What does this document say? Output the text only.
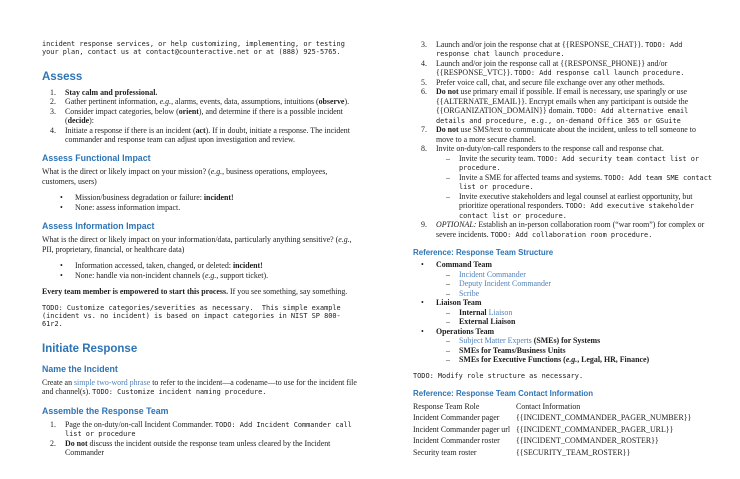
incident response services, or help customizing, implementing, or testing
your plan, contact us at contact@counteractive.net or at (888) 925-5765.
Assess
1.	Stay calm and professional.
2.	Gather pertinent information, e.g., alarms, events, data, assumptions, intuitions (observe).
3.	Consider impact categories, below (orient), and determine if there is a possible incident (decide):
4.	Initiate a response if there is an incident (act). If in doubt, initiate a response. The incident commander and response team can adjust upon investigation and review.
Assess Functional Impact
What is the direct or likely impact on your mission? (e.g., business operations, employees, customers, users)
•	Mission/business degradation or failure: incident!
•	None: assess information impact.
Assess Information Impact
What is the direct or likely impact on your information/data, particularly anything sensitive? (e.g., PII, proprietary, financial, or healthcare data)
•	Information accessed, taken, changed, or deleted: incident!
•	None: handle via non-incident channels (e.g., support ticket).
Every team member is empowered to start this process. If you see something, say something.
TODO: Customize categories/severities as necessary.  This simple example
(incident vs. no incident) is based on impact categories in NIST SP 800-61r2.
Initiate Response
Name the Incident
Create an simple two-word phrase to refer to the incident—a codename—to use for the incident file and channel(s). TODO: Customize incident naming procedure.
Assemble the Response Team
1.	Page the on-duty/on-call Incident Commander. TODO: Add Incident Commander call list or procedure
2.	Do not discuss the incident outside the response team unless cleared by the Incident Commander
3.	Launch and/or join the response chat at {{RESPONSE_CHAT}}. TODO: Add response chat launch procedure.
4.	Launch and/or join the response call at {{RESPONSE_PHONE}} and/or {{RESPONSE_VTC}}. TODO: Add response call launch procedure.
5.	Prefer voice call, chat, and secure file exchange over any other methods.
6.	Do not use primary email if possible. If email is necessary, use sparingly or use {{ALTERNATE_EMAIL}}. Encrypt emails when any participant is outside the {{ORGANIZATION_DOMAIN}} domain. TODO: Add alternative email details and procedure, e.g., on-demand Office 365 or GSuite
7.	Do not use SMS/text to communicate about the incident, unless to tell someone to move to a more secure channel.
8.	Invite on-duty/on-call responders to the response call and response chat.
–	Invite the security team. TODO: Add security team contact list or procedure.
–	Invite a SME for affected teams and systems. TODO: Add team SME contact list or procedure.
–	Invite executive stakeholders and legal counsel at earliest opportunity, but prioritize operational responders. TODO: Add executive stakeholder contact list or procedure.
9.	OPTIONAL: Establish an in-person collaboration room (“war room”) for complex or severe incidents. TODO: Add collaboration room procedure.
Reference: Response Team Structure
•	Command Team
–	Incident Commander
–	Deputy Incident Commander
–	Scribe
•	Liaison Team
–	Internal Liaison
–	External Liaison
•	Operations Team
–	Subject Matter Experts (SMEs) for Systems
–	SMEs for Teams/Business Units
–	SMEs for Executive Functions (e.g., Legal, HR, Finance)
TODO: Modify role structure as necessary.
Reference: Response Team Contact Information
Response Team Role	Contact Information
Incident Commander pager	{{INCIDENT_COMMANDER_PAGER_NUMBER}}
Incident Commander pager url {{INCIDENT_COMMANDER_PAGER_URL}}
Incident Commander roster	{{INCIDENT_COMMANDER_ROSTER}}
Security team roster	{{SECURITY_TEAM_ROSTER}}
